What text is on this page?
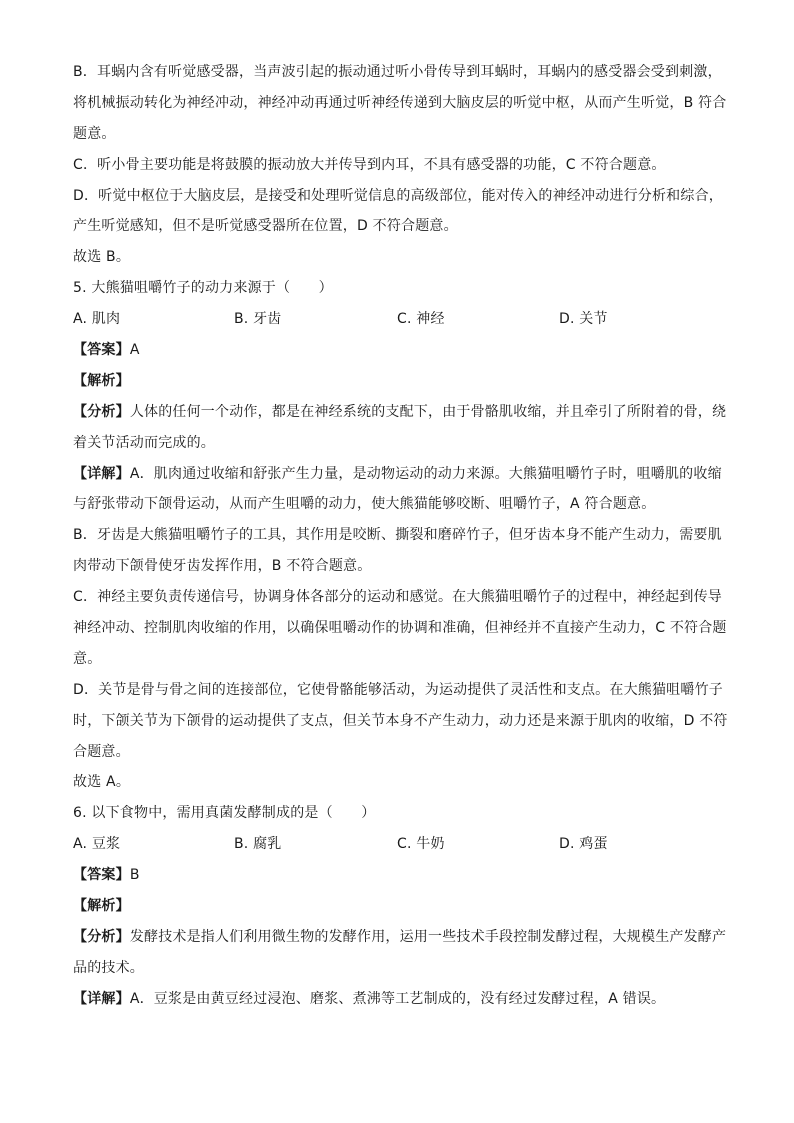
B．耳蜗内含有听觉感受器，当声波引起的振动通过听小骨传导到耳蜗时，耳蜗内的感受器会受到刺激，
将机械振动转化为神经冲动，神经冲动再通过听神经传递到大脑皮层的听觉中枢，从而产生听觉，B 符合
题意。
C．听小骨主要功能是将鼓膜的振动放大并传导到内耳，不具有感受器的功能，C 不符合题意。
D．听觉中枢位于大脑皮层，是接受和处理听觉信息的高级部位，能对传入的神经冲动进行分析和综合，
产生听觉感知，但不是听觉感受器所在位置，D 不符合题意。
故选 B。
5. 大熊猫咀嚼竹子的动力来源于（　　）
A. 肌肉	B. 牙齿	C. 神经	D. 关节
【答案】A
【解析】
【分析】人体的任何一个动作，都是在神经系统的支配下，由于骨骼肌收缩，并且牵引了所附着的骨，绕
着关节活动而完成的。
【详解】A．肌肉通过收缩和舒张产生力量，是动物运动的动力来源。大熊猫咀嚼竹子时，咀嚼肌的收缩
与舒张带动下颌骨运动，从而产生咀嚼的动力，使大熊猫能够咬断、咀嚼竹子，A 符合题意。
B．牙齿是大熊猫咀嚼竹子的工具，其作用是咬断、撕裂和磨碎竹子，但牙齿本身不能产生动力，需要肌
肉带动下颌骨使牙齿发挥作用，B 不符合题意。
C．神经主要负责传递信号，协调身体各部分的运动和感觉。在大熊猫咀嚼竹子的过程中，神经起到传导
神经冲动、控制肌肉收缩的作用，以确保咀嚼动作的协调和准确，但神经并不直接产生动力，C 不符合题
意。
D．关节是骨与骨之间的连接部位，它使骨骼能够活动，为运动提供了灵活性和支点。在大熊猫咀嚼竹子
时，下颌关节为下颌骨的运动提供了支点，但关节本身不产生动力，动力还是来源于肌肉的收缩，D 不符
合题意。
故选 A。
6. 以下食物中，需用真菌发酵制成的是（　　）
A. 豆浆	B. 腐乳	C. 牛奶	D. 鸡蛋
【答案】B
【解析】
【分析】发酵技术是指人们利用微生物的发酵作用，运用一些技术手段控制发酵过程，大规模生产发酵产
品的技术。
【详解】A．豆浆是由黄豆经过浸泡、磨浆、煮沸等工艺制成的，没有经过发酵过程，A 错误。
